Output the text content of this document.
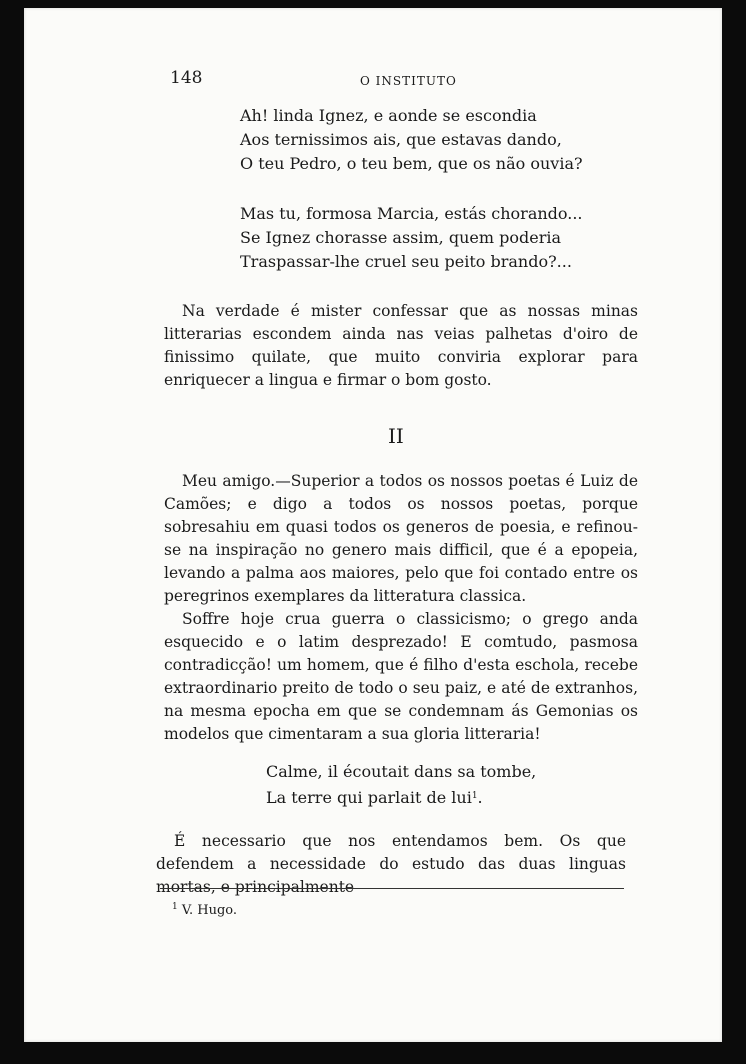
148	O INSTITUTO
Ah! linda Ignez, e aonde se escondia
Aos ternissimos ais, que estavas dando,
O teu Pedro, o teu bem, que os não ouvia?
Mas tu, formosa Marcia, estás chorando...
Se Ignez chorasse assim, quem poderia
Traspassar-lhe cruel seu peito brando?...

Na verdade é mister confessar que as nossas minas litterarias escondem ainda nas veias palhetas d'oiro de finissimo quilate, que muito conviria explorar para enriquecer a lingua e firmar o bom gosto.

II

Meu amigo.—Superior a todos os nossos poetas é Luiz de Camões; e digo a todos os nossos poetas, porque sobresahiu em quasi todos os generos de poesia, e refinou-se na inspiração no genero mais difficil, que é a epopeia, levando a palma aos maiores, pelo que foi contado entre os peregrinos exemplares da litteratura classica.

Soffre hoje crua guerra o classicismo; o grego anda esquecido e o latim desprezado! E comtudo, pasmosa contradicção! um homem, que é filho d'esta eschola, recebe extraordinario preito de todo o seu paiz, e até de extranhos, na mesma epocha em que se condemnam ás Gemonias os modelos que cimentaram a sua gloria litteraria!

Calme, il écoutait dans sa tombe,
La terre qui parlait de lui$^1$.

É necessario que nos entendamos bem. Os que defendem a necessidade do estudo das duas linguas mortas, e principalmente

$^1$ V. Hugo.
